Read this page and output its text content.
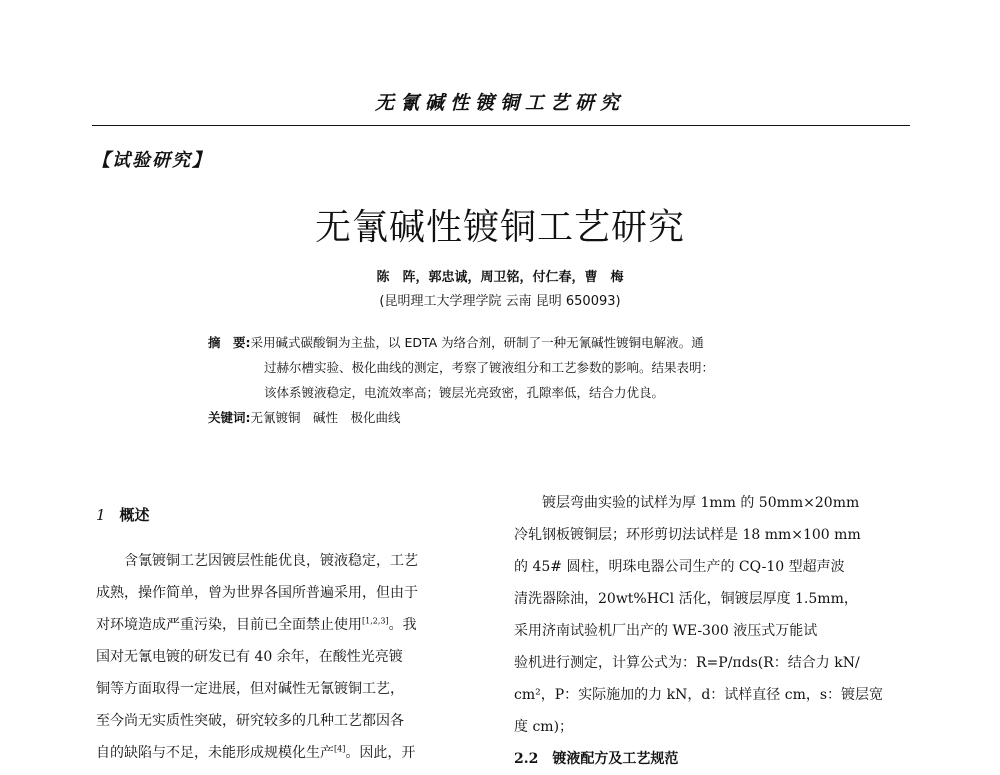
无氰碱性镀铜工艺研究
【试验研究】
无氰碱性镀铜工艺研究
陈　阵，郭忠诚，周卫铭，付仁春，曹　梅
(昆明理工大学理学院 云南 昆明 650093)
摘　要:采用碱式碳酸铜为主盐，以 EDTA 为络合剂，研制了一种无氰碱性镀铜电解液。通
过赫尔槽实验、极化曲线的测定，考察了镀液组分和工艺参数的影响。结果表明：
该体系镀液稳定，电流效率高；镀层光亮致密，孔隙率低，结合力优良。
关键词:无氰镀铜　碱性　极化曲线
1 概述
含氰镀铜工艺因镀层性能优良，镀液稳定，工艺
成熟，操作简单，曾为世界各国所普遍采用，但由于
对环境造成严重污染，目前已全面禁止使用[1,2,3]。我
国对无氰电镀的研发已有 40 余年，在酸性光亮镀
铜等方面取得一定进展，但对碱性无氰镀铜工艺，
至今尚无实质性突破，研究较多的几种工艺都因各
自的缺陷与不足，未能形成规模化生产[4]。因此，开
镀层弯曲实验的试样为厚 1mm 的 50mm×20mm
冷轧钢板镀铜层；环形剪切法试样是 18 mm×100 mm
的 45# 圆柱，明珠电器公司生产的 CQ-10 型超声波
清洗器除油，20wt%HCl 活化，铜镀层厚度 1.5mm，
采用济南试验机厂出产的 WE-300 液压式万能试
验机进行测定，计算公式为：R=P/πds(R：结合力 kN/
cm²，P：实际施加的力 kN，d：试样直径 cm，s：镀层宽
度 cm)；
2.2　镀液配方及工艺规范
